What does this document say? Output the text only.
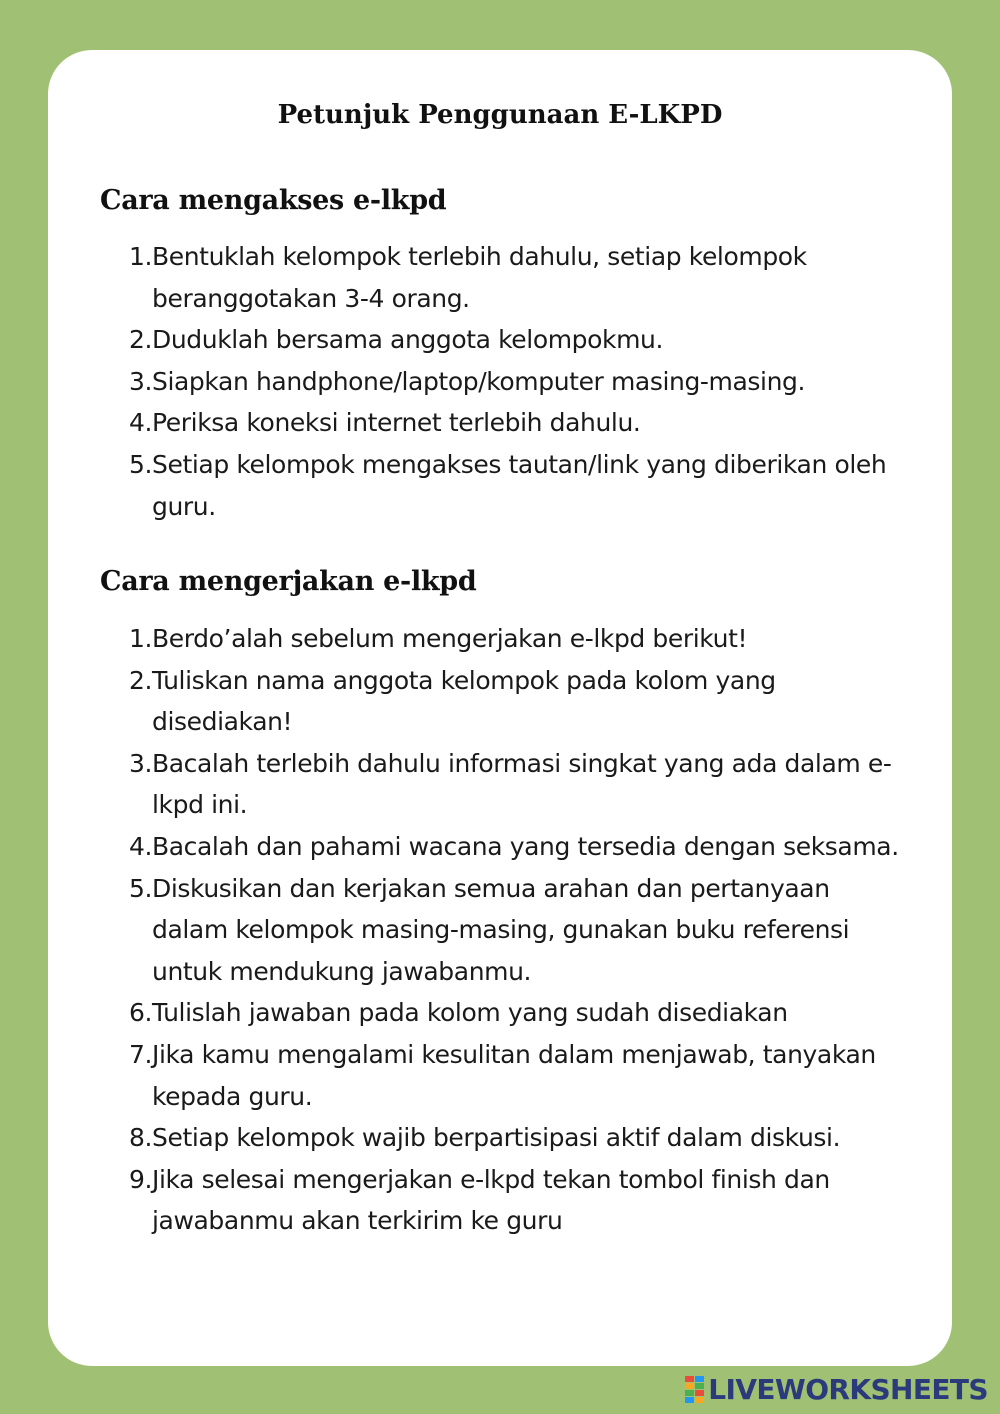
Petunjuk Penggunaan E-LKPD
Cara mengakses e-lkpd
1. Bentuklah kelompok terlebih dahulu, setiap kelompok beranggotakan 3-4 orang.
2. Duduklah bersama anggota kelompokmu.
3. Siapkan handphone/laptop/komputer masing-masing.
4. Periksa koneksi internet terlebih dahulu.
5. Setiap kelompok mengakses tautan/link yang diberikan oleh guru.
Cara mengerjakan e-lkpd
1. Berdo’alah sebelum mengerjakan e-lkpd berikut!
2. Tuliskan nama anggota kelompok pada kolom yang disediakan!
3. Bacalah terlebih dahulu informasi singkat yang ada dalam e-lkpd ini.
4. Bacalah dan pahami wacana yang tersedia dengan seksama.
5. Diskusikan dan kerjakan semua arahan dan pertanyaan dalam kelompok masing-masing, gunakan buku referensi untuk mendukung jawabanmu.
6. Tulislah jawaban pada kolom yang sudah disediakan
7. Jika kamu mengalami kesulitan dalam menjawab, tanyakan kepada guru.
8. Setiap kelompok wajib berpartisipasi aktif dalam diskusi.
9. Jika selesai mengerjakan e-lkpd tekan tombol finish dan jawabanmu akan terkirim ke guru
LIVEWORKSHEETS
